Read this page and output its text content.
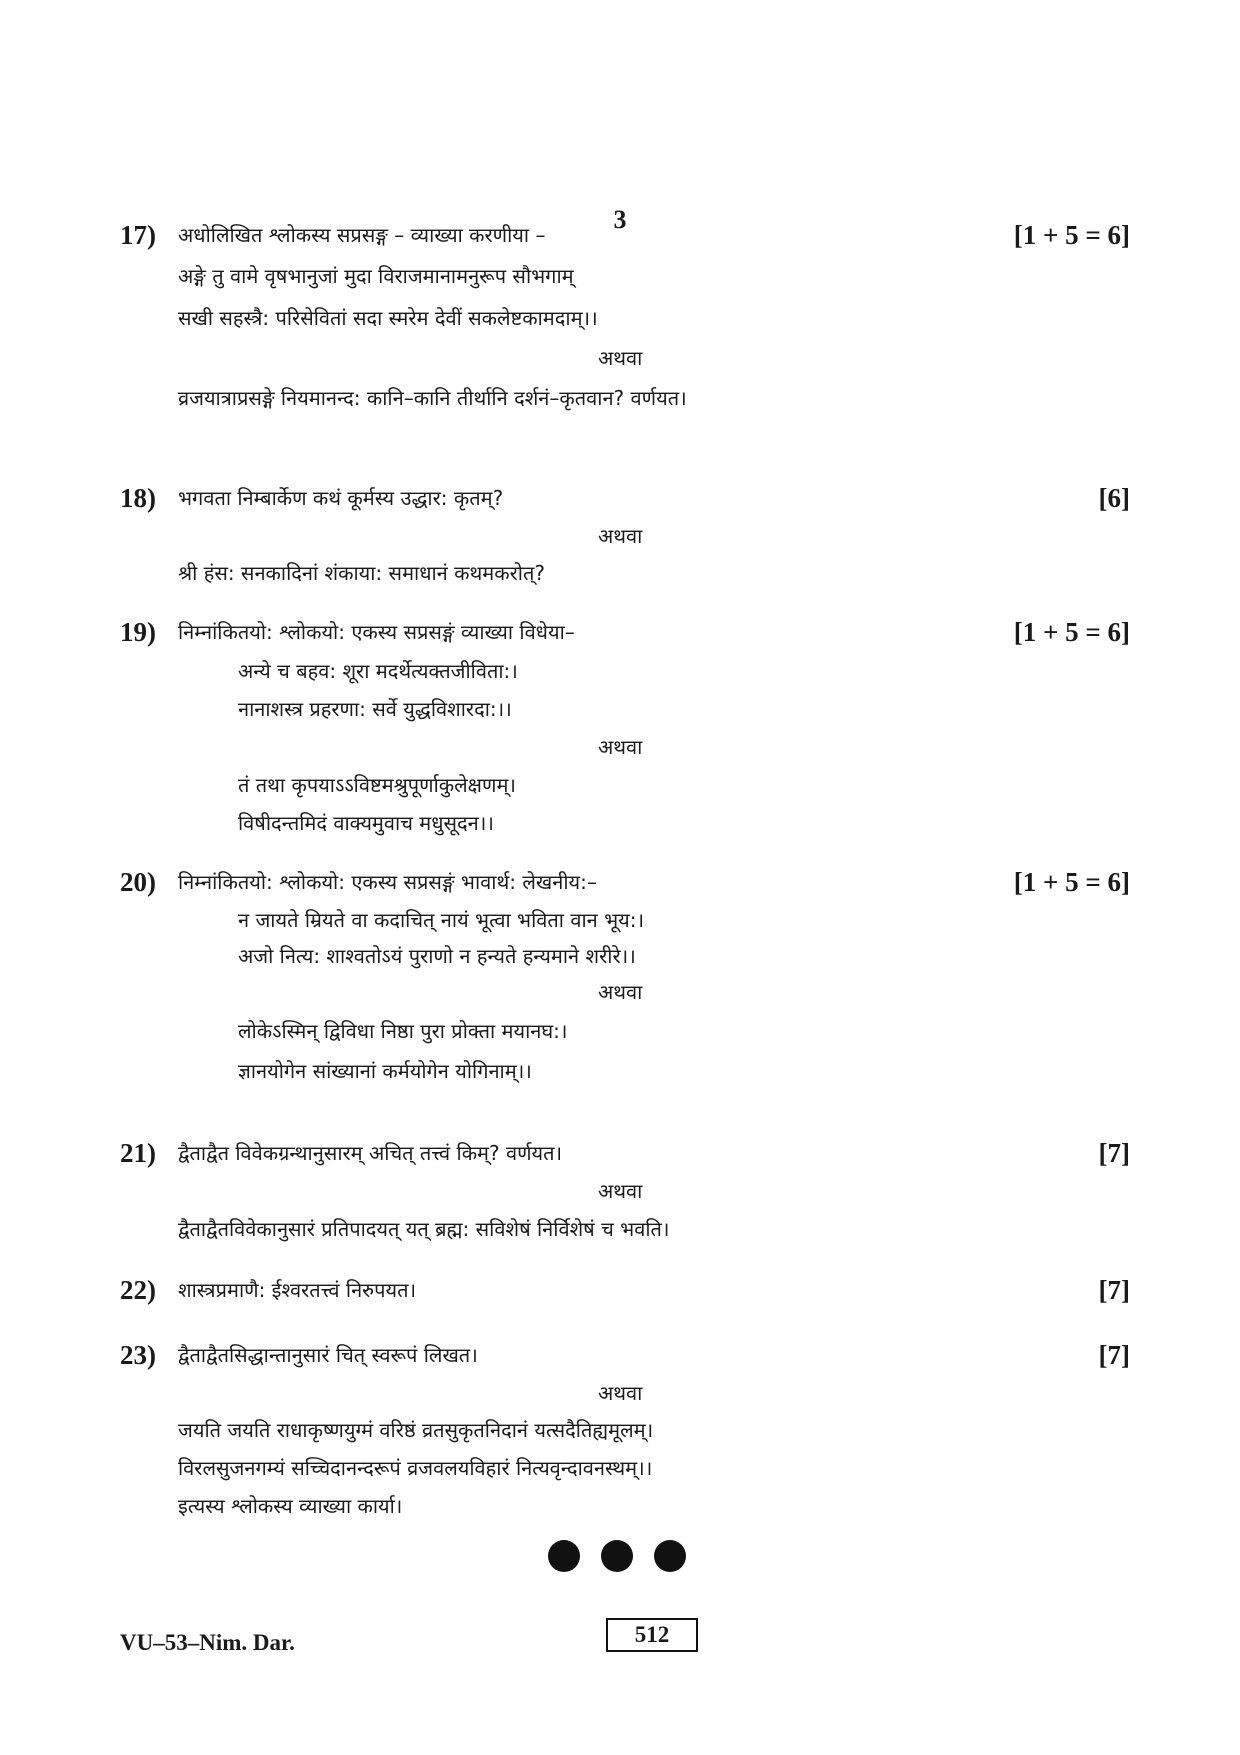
3
17) अधोलिखित श्लोकस्य सप्रसङ्ग – व्याख्या करणीया –	[1 + 5 = 6]
अङ्गे तु वामे वृषभानुजां मुदा विराजमानामनुरूप सौभगाम्
सखी सहस्त्रै: परिसेवितां सदा स्मरेम देवीं सकलेष्टकामदाम्।।
अथवा
व्रजयात्राप्रसङ्गे नियमानन्द: कानि–कानि तीर्थानि दर्शनं–कृतवान? वर्णयत।
18) भगवता निम्बार्केण कथं कूर्मस्य उद्धार: कृतम्?	[6]
अथवा
श्री हंस: सनकादिनां शंकाया: समाधानं कथमकरोत्?
19) निम्नांकितयो: श्लोकयो: एकस्य सप्रसङ्गं व्याख्या विधेया–	[1 + 5 = 6]
अन्ये च बहव: शूरा मदर्थेत्यक्तजीविता:।
नानाशस्त्र प्रहरणा: सर्वे युद्धविशारदा:।।
अथवा
तं तथा कृपयाऽऽविष्टमश्रुपूर्णाकुलेक्षणम्।
विषीदन्तमिदं वाक्यमुवाच मधुसूदन।।
20) निम्नांकितयो: श्लोकयो: एकस्य सप्रसङ्गं भावार्थ: लेखनीय:–	[1 + 5 = 6]
न जायते म्रियते वा कदाचित् नायं भूत्वा भविता वान भूय:।
अजो नित्य: शाश्वतोऽयं पुराणो न हन्यते हन्यमाने शरीरे।।
अथवा
लोकेऽस्मिन् द्विविधा निष्ठा पुरा प्रोक्ता मयानघ:।
ज्ञानयोगेन सांख्यानां कर्मयोगेन योगिनाम्।।
21) द्वैताद्वैत विवेकग्रन्थानुसारम् अचित् तत्त्वं किम्? वर्णयत।	[7]
अथवा
द्वैताद्वैतविवेकानुसारं प्रतिपादयत् यत् ब्रह्म: सविशेषं निर्विशेषं च भवति।
22) शास्त्रप्रमाणै: ईश्वरतत्त्वं निरुपयत।	[7]
23) द्वैताद्वैतसिद्धान्तानुसारं चित् स्वरूपं लिखत।	[7]
अथवा
जयति जयति राधाकृष्णयुग्मं वरिष्ठं व्रतसुकृतनिदानं यत्सदैतिह्यमूलम्।
विरलसुजनगम्यं सच्चिदानन्दरूपं व्रजवलयविहारं नित्यवृन्दावनस्थम्।।
इत्यस्य श्लोकस्य व्याख्या कार्या।

VU–53–Nim. Dar.	512
